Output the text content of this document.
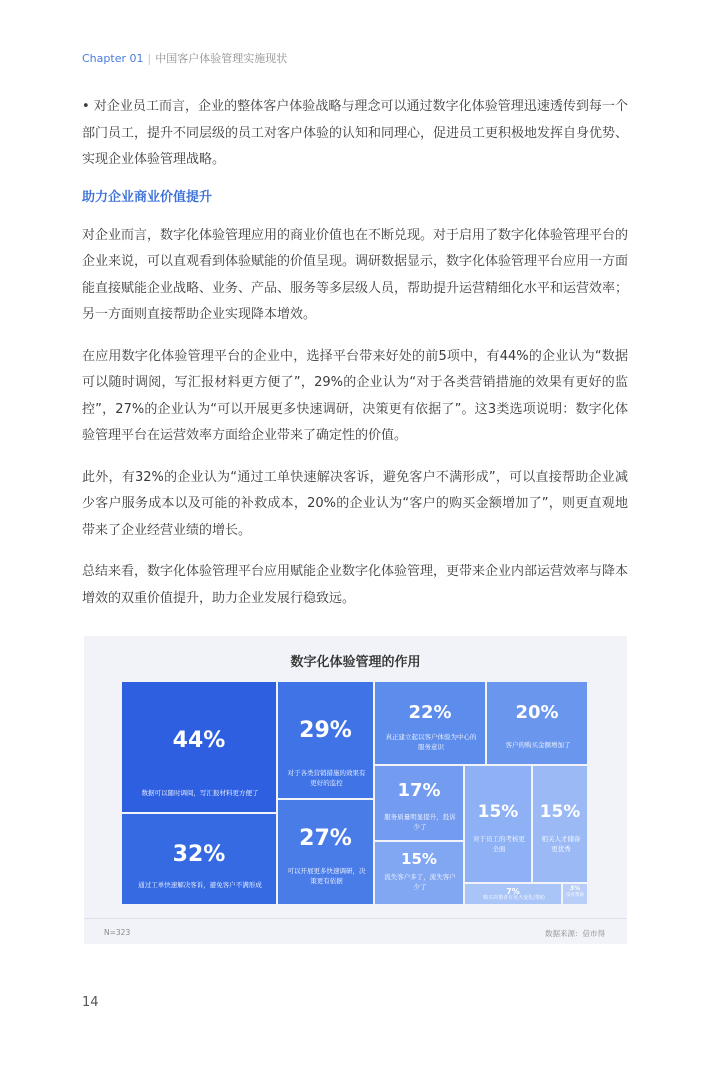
Chapter 01 | 中国客户体验管理实施现状

• 对企业员工而言，企业的整体客户体验战略与理念可以通过数字化体验管理迅速透传到每一个部门员工，提升不同层级的员工对客户体验的认知和同理心，促进员工更积极地发挥自身优势、实现企业体验管理战略。

助力企业商业价值提升

对企业而言，数字化体验管理应用的商业价值也在不断兑现。对于启用了数字化体验管理平台的企业来说，可以直观看到体验赋能的价值呈现。调研数据显示，数字化体验管理平台应用一方面能直接赋能企业战略、业务、产品、服务等多层级人员，帮助提升运营精细化水平和运营效率；另一方面则直接帮助企业实现降本增效。

在应用数字化体验管理平台的企业中，选择平台带来好处的前5项中，有44%的企业认为“数据可以随时调阅，写汇报材料更方便了”，29%的企业认为“对于各类营销措施的效果有更好的监控”，27%的企业认为“可以开展更多快速调研，决策更有依据了”。这3类选项说明：数字化体验管理平台在运营效率方面给企业带来了确定性的价值。

此外，有32%的企业认为“通过工单快速解决客诉，避免客户不满形成”，可以直接帮助企业减少客户服务成本以及可能的补救成本，20%的企业认为“客户的购买金额增加了”，则更直观地带来了企业经营业绩的增长。

总结来看，数字化体验管理平台应用赋能企业数字化体验管理，更带来企业内部运营效率与降本增效的双重价值提升，助力企业发展行稳致远。

数字化体验管理的作用
N=323	数据来源：倍市得
44%
数据可以随时调阅，写汇报材料更方便了
32%
通过工单快速解决客诉，避免客户不满形成
29%
对于各类营销措施的效果有更好的监控
27%
可以开展更多快速调研，决策更有依据
22%
真正建立起以客户体验为中心的服务意识
20%
客户的购买金额增加了
17%
服务质量明显提升，投诉少了
15%
流失客户多了，流失客户少了
15%
对于员工的考核更全面
15%
相关人才储备更优秀
7%
购买决策者有更大变化/帮助
3%
没有帮助
14
